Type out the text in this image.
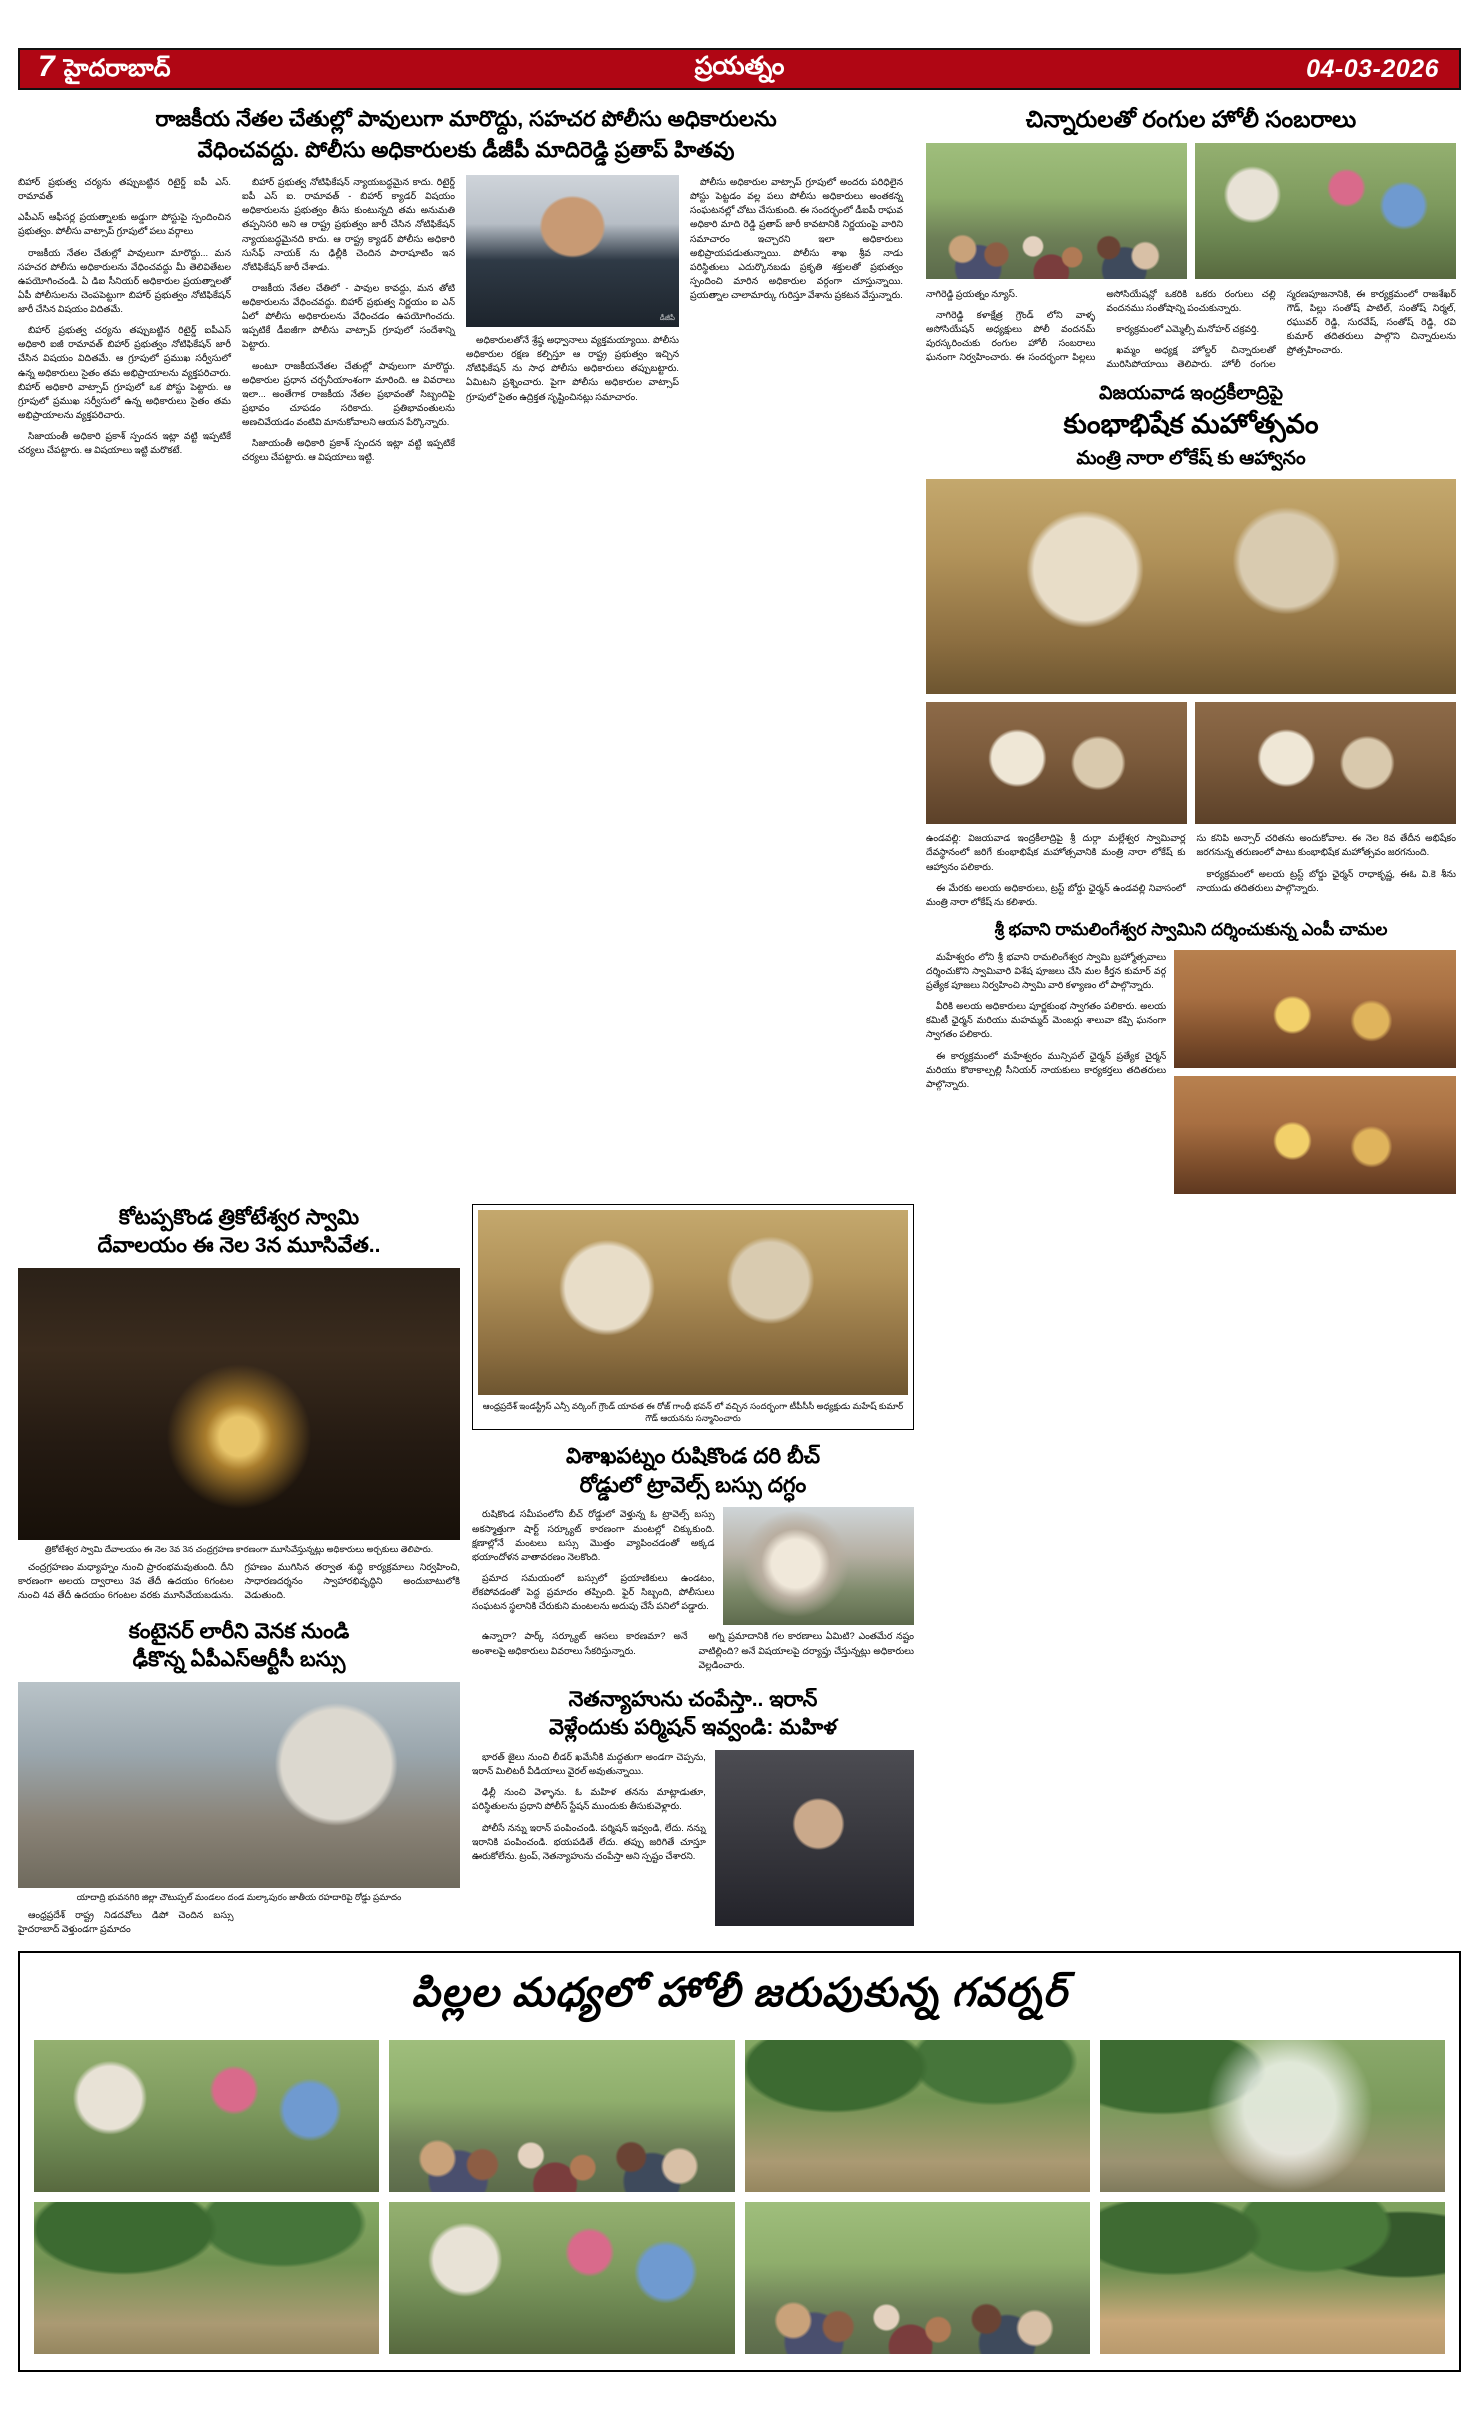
7 హైదరాబాద్	ప్రయత్నం	04-03-2026
రాజకీయ నేతల చేతుల్లో పావులుగా మారొద్దు, సహచర పోలీసు అధికారులను
వేధించవద్దు. పోలీసు అధికారులకు డీజీపీ మాదిరెడ్డి ప్రతాప్ హితవు

బిహార్ ప్రభుత్వ చర్యను తప్పుబట్టిన రిటైర్డ్ ఐపీ ఎస్. రామావత్

ఎపీఎస్ ఆఫీసర్ల ప్రయత్నాలకు అడ్డుగా పోస్టుపై స్పందించిన ప్రభుత్వం. పోలీసు వాట్సాప్ గ్రూపులో పలు వర్గాలు

రాజకీయ నేతల చేతుల్లో పావులుగా మారొద్దు... మన సహచర పోలీసు అధికారులను వేధించవద్దు మీ తెలివితేటల ఉపయోగించండి. ఏ డిఐ సీనియర్ అధికారుల ప్రయత్నాలతో ఏపీ పోలీసులను చెంపపెట్టుగా బిహార్ ప్రభుత్వం నోటిఫికేషన్ జారీ చేసిన విషయం విదితమే.

బిహార్ ప్రభుత్వ చర్యను తప్పుబట్టిన రిటైర్డ్ ఐపీఎస్ అధికారి ఐజీ రామావత్ బిహార్ ప్రభుత్వం నోటిఫికేషన్ జారీ చేసిన విషయం విదితమే. ఆ గ్రూపులో ప్రముఖ సర్వీసులో ఉన్న అధికారులు సైతం తమ అభిప్రాయాలను వ్యక్తపరిచారు. బిహార్ అధికారి వాట్సాప్ గ్రూపులో ఒక పోస్టు పెట్టారు. ఆ గ్రూపులో ప్రముఖ సర్వీసులో ఉన్న అధికారులు సైతం తమ అభిప్రాయాలను వ్యక్తపరిచారు.

సిజాయంతీ అధికారి ప్రకాశ్ స్పందన ఇట్లా వట్టి ఇప్పటికే చర్యలు చేపట్టారు. ఆ విషయాలు ఇట్టి మరొకటే.

బిహార్ ప్రభుత్వ నోటిఫికేషన్ న్యాయబద్ధమైన కాదు. రిటైర్డ్ ఐపీ ఎస్ ఐ. రామావత్ - బిహార్ క్యాడర్ విషయం అధికారులను ప్రభుత్వం తీసు కుంటున్నది తమ అనుమతి తప్పనిసరి అని ఆ రాష్ట్ర ప్రభుత్వం జారీ చేసిన నోటిఫికేషన్ న్యాయబద్ధమైనది కాదు. ఆ రాష్ట్ర క్యాడర్ పోలీసు అధికారి సుసేఫ్ నాయక్ ను ఢిల్లీకి చెందిన పారాషూటిం ఇన నోటిఫికేషన్ జారీ చేశాడు.

రాజకీయ నేతల చేతిలో - పావుల కావద్దు, మన తోటి అధికారులను వేధించవద్దు. బిహార్ ప్రభుత్వ నిర్ణయం ఐ ఎన్ ఏలో పోలీసు అధికారులను వేధించడం ఉపయోగించదు. ఇప్పటికే డీఐజీగా పోలీసు వాట్సాప్ గ్రూపులో సందేశాన్ని పెట్టారు.

అంటూ రాజకీయనేతల చేతుల్లో పావులుగా మారొద్దు. అధికారుల ప్రధాన చర్చనీయాంశంగా మారింది. ఆ వివరాలు ఇలా... అంతేగాక రాజకీయ నేతల ప్రభావంతో సిబ్బందిపై ప్రభావం చూపడం సరికాదు. ప్రతిభావంతులను అణచివేయడం వంటివి మానుకోవాలని ఆయన పేర్కొన్నారు.

సిజాయంతీ అధికారి ప్రకాశ్ స్పందన ఇట్లా వట్టి ఇప్పటికే చర్యలు చేపట్టారు. ఆ విషయాలు ఇట్టి.

డీజీపీ

అధికారులతోనే శ్రేష్ఠ అధ్వానాలు వ్యక్తమయ్యాయి. పోలీసు అధికారుల రక్షణ కల్పిస్తూ ఆ రాష్ట్ర ప్రభుత్వం ఇచ్చిన నోటిఫికేషన్ ను సాధ పోలీసు అధికారులు తప్పుబట్టారు. ఏమిటని ప్రశ్నించారు. పైగా పోలీసు అధికారుల వాట్సాప్ గ్రూపులో సైతం ఉద్రిక్తత సృష్టించినట్లు సమాచారం.

పోలీసు అధికారుల వాట్సాప్ గ్రూపులో అందరు పరిధిలైన పోస్టు పెట్టడం వల్ల పలు పోలీసు అధికారులు అంతకన్న సంఘటనల్లో చోటు చేసుకుంది. ఈ సందర్భంలో డీఐపీ రాఘవ అధికారి మాది రెడ్డి ప్రతాప్ జారీ కావటానికి నిర్ణయంపై వారిని సమాచారం ఇచ్చారని ఇలా అధికారులు అభిప్రాయపడుతున్నాయి. పోలీసు శాఖ శ్రీవ నాడు పరిస్థితులు ఎదుర్కొనబడు ప్రకృతి శక్తులతో ప్రభుత్వం స్పందించి మారిన అధికారుల వర్గంగా చూస్తున్నాయి. ప్రయత్నాల చాలామార్కు గురిస్తూ వేశాను ప్రకటన వేస్తున్నారు.

చిన్నారులతో రంగుల హోలీ సంబరాలు

నాగిరెడ్డి ప్రయత్నం న్యూస్.

నాగిరెడ్డి కళాక్షేత్ర గ్రౌండ్ లోని వాళ్ళ అసోసియేషన్ అధ్యక్షులు పోలీ వందనమ్ పురస్కరించుకు రంగుల హోలీ సంబరాలు ఘనంగా నిర్వహించారు. ఈ సందర్భంగా పిల్లలు అసోసియేషన్లో ఒకరికి ఒకరు రంగులు చల్లి వందనము సంతోషాన్ని పంచుకున్నారు.

కార్యక్రమంలో ఎమ్మెల్సీ మనోహర్ చక్రవర్తి.

ఖమ్మం అధ్యక్ష హోల్డర్ చిన్నారులతో మురిసిపోయాయి తెలిపారు. హోలీ రంగుల స్మరణపూజనానికి, ఈ కార్యక్రమంలో రాజశేఖర్ గౌడ్, పిల్లు సంతోష్ పాటిల్, సంతోష్ నిర్మల్, రఘువర్ రెడ్డి, సురవేష్, సంతోష్ రెడ్డి, రవి కుమార్ తదితరులు పాల్గొని చిన్నారులను ప్రోత్సహించారు.

విజయవాడ ఇంద్రకీలాద్రిపై
కుంభాభిషేక మహోత్సవం
మంత్రి నారా లోకేష్ కు ఆహ్వానం

ఉండవల్లి: విజయవాడ ఇంద్రకీలాద్రిపై శ్రీ దుర్గా మల్లేశ్వర స్వామివార్ల దేవస్థానంలో జరిగే కుంభాభిషేక మహోత్సవానికి మంత్రి నారా లోకేష్ కు ఆహ్వానం పలికారు.

ఈ మేరకు అలయ అధికారులు, ట్రస్ట్ బోర్డు ఛైర్మన్ ఉండవల్లి నివాసంలో మంత్రి నారా లోకేష్ ను కలిశారు.

సు కనిపి అన్సార్ చరితను అందుకోవాల. ఈ నెల 8వ తేదీన అభిషేకం జరగనున్న తరుణంలో పాటు కుంభాభిషేక మహోత్సవం జరగనుంది.

కార్యక్రమంలో అలయ ట్రస్ట్ బోర్డు ఛైర్మన్ రాధాకృష్ణ, ఈఓ వి.కె శీను నాయుడు తదితరులు పాల్గొన్నారు.

శ్రీ భవాని రామలింగేశ్వర స్వామిని దర్శించుకున్న ఎంపీ చామల

మహేశ్వరం లోని శ్రీ భవాని రామలింగేశ్వర స్వామి బ్రహ్మోత్సవాలు దర్శించుకొని స్వామివారి విశేష పూజలు చేసి మల కీర్తన కుమార్ వర్గ ప్రత్యేక పూజలు నిర్వహించి స్వామి వారి కళ్యాణం లో పాల్గొన్నారు.

వీరికి అలయ అధికారులు పూర్ణకుంభ స్వాగతం పలికారు. అలయ కమిటీ ఛైర్మన్ మరియు మహమ్మద్ మెంబర్లు శాలువా కప్పి ఘనంగా స్వాగతం పలికారు.

ఈ కార్యక్రమంలో మహేశ్వరం మున్సిపల్ ఛైర్మన్ ప్రత్యేక చైర్మన్ మరియు కొఠాకాల్పల్లి సీనియర్ నాయకులు కార్యకర్తలు తదితరులు పాల్గొన్నారు.

కోటప్పకొండ త్రికోటేశ్వర స్వామి
దేవాలయం ఈ నెల 3న మూసివేత..
త్రికోటేశ్వర స్వామి దేవాలయం ఈ నెల 3వ 3న చంద్రగ్రహణ కారణంగా మూసివేస్తున్నట్లు అధికారులు అర్చకులు తెలిపారు.

చంద్రగ్రహణం మధ్యాహ్నం నుంచి ప్రారంభమవుతుంది. దీని కారణంగా అలయ ద్వారాలు 3వ తేదీ ఉదయం 6గంటల నుంచి 4వ తేదీ ఉదయం 6గంటల వరకు మూసివేయబడును. గ్రహణం ముగిసిన తర్వాత శుద్ధి కార్యక్రమాలు నిర్వహించి, సాధారణదర్శనం స్వాహారభివృద్ధిని అందుబాటులోకి వెడుతుంది.

కంటైనర్ లారీని వెనక నుండి
ఢీకొన్న ఏపీఎస్ఆర్టీసీ బస్సు
యాదాద్రి భువనగిరి జిల్లా చౌటుప్పల్ మండలం దండ మల్కాపురం జాతీయ రహదారిపై రోడ్డు ప్రమాదం

ఆంధ్రప్రదేశ్ రాష్ట్ర నిడదవోలు డిపో చెందిన బస్సు హైదరాబాద్ వెళ్తుండగా ప్రమాదం

ఆంధ్రప్రదేశ్ ఇండస్ట్రీస్ ఎన్సీ వర్కింగ్ గ్రౌండ్ యావత ఈ రోజ్ గాంధీ భవన్ లో వచ్చిన సందర్భంగా టీపీసీసీ అధ్యక్షుడు మహేష్ కుమార్ గౌడ్ ఆయనను సన్మానించారు
విశాఖపట్నం రుషికొండ దరి బీచ్
రోడ్డులో ట్రావెల్స్ బస్సు దగ్ధం

రుషికొండ సమీపంలోని బీచ్ రోడ్డులో వెళ్తున్న ఓ ట్రావెల్స్ బస్సు అకస్మాత్తుగా షార్ట్ సర్క్యూట్ కారణంగా మంటల్లో చిక్కుకుంది. క్షణాల్లోనే మంటలు బస్సు మొత్తం వ్యాపించడంతో అక్కడ భయాందోళన వాతావరణం నెలకొంది.

ప్రమాద సమయంలో బస్సులో ప్రయాణికులు ఉండటం, లేకపోవడంతో పెద్ద ప్రమాదం తప్పింది. ఫైర్ సిబ్బంది, పోలీసులు సంఘటన స్థలానికి చేరుకుని మంటలను అదుపు చేసే పనిలో పడ్డారు.

ఉన్నారా? పార్క్ సర్క్యూట్ ఆసలు కారణమా? అనే అంశాలపై అధికారులు వివరాలు సేకరిస్తున్నారు.

అగ్ని ప్రమాదానికి గల కారణాలు ఏమిటి? ఎంతమేర నష్టం వాటిల్లింది? అనే విషయాలపై దర్యాప్తు చేస్తున్నట్లు అధికారులు వెల్లడించారు.

నెతన్యాహును చంపేస్తా.. ఇరాన్
వెళ్లేందుకు పర్మిషన్ ఇవ్వండి: మహిళ

భారత్ జైలు నుంచి లీడర్ ఖమేనీకి మద్దతుగా అండగా చెప్పను, ఇరాన్ మిలిటరీ వీడియాలు వైరల్ అవుతున్నాయి.

ఢిల్లీ నుంచి వెళ్ళాను. ఓ మహిళ తనను మాట్లాడుతూ, పరిస్థితులను ప్రధాని పోలీస్ స్టేషన్ ముందుకు తీసుకువెళ్లారు.

పోలీసే నన్ను ఇరాన్ పంపించండి. పర్మిషన్ ఇవ్వండి, లేదు. నన్ను ఇరానికి పంపించండి. భయపడితే లేదు. తప్పు జరిగితే చూస్తూ ఊరుకోలేను. ట్రంప్, నెతన్యాహును చంపేస్తా అని స్పష్టం చేశారని.

పిల్లల మధ్యలో హోలీ జరుపుకున్న గవర్నర్
